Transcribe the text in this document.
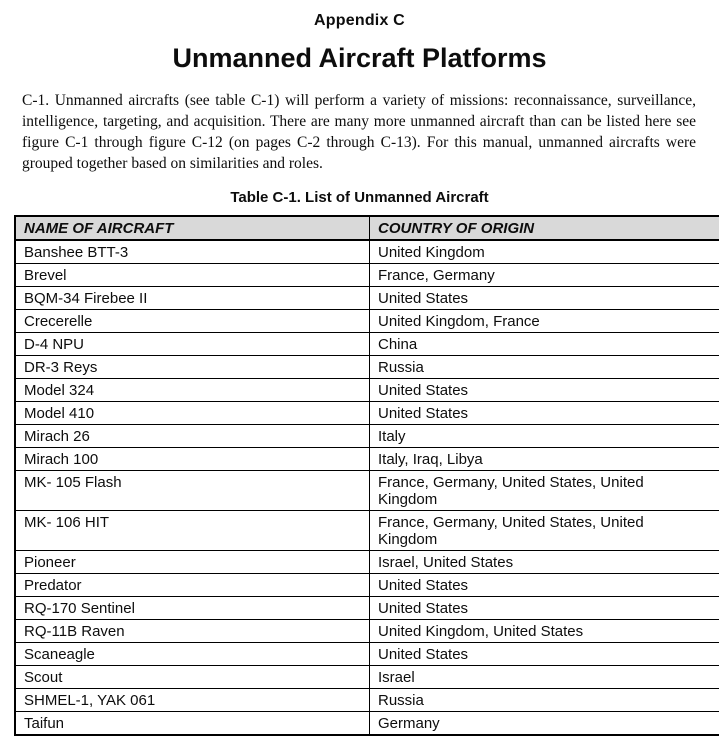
Appendix C
Unmanned Aircraft Platforms

C-1. Unmanned aircrafts (see table C-1) will perform a variety of missions: reconnaissance, surveillance, intelligence, targeting, and acquisition. There are many more unmanned aircraft than can be listed here see figure C-1 through figure C-12 (on pages C-2 through C-13). For this manual, unmanned aircrafts were grouped together based on similarities and roles.

Table C-1. List of Unmanned Aircraft

NAME OF AIRCRAFT	COUNTRY OF ORIGIN
Banshee BTT-3	United Kingdom
Brevel	France, Germany
BQM-34 Firebee II	United States
Crecerelle	United Kingdom, France
D-4 NPU	China
DR-3 Reys	Russia
Model 324	United States
Model 410	United States
Mirach 26	Italy
Mirach 100	Italy, Iraq, Libya
MK- 105 Flash	France, Germany, United States, United Kingdom
MK- 106 HIT	France, Germany, United States, United Kingdom
Pioneer	Israel, United States
Predator	United States
RQ-170 Sentinel	United States
RQ-11B Raven	United Kingdom, United States
Scaneagle	United States
Scout	Israel
SHMEL-1, YAK 061	Russia
Taifun	Germany
